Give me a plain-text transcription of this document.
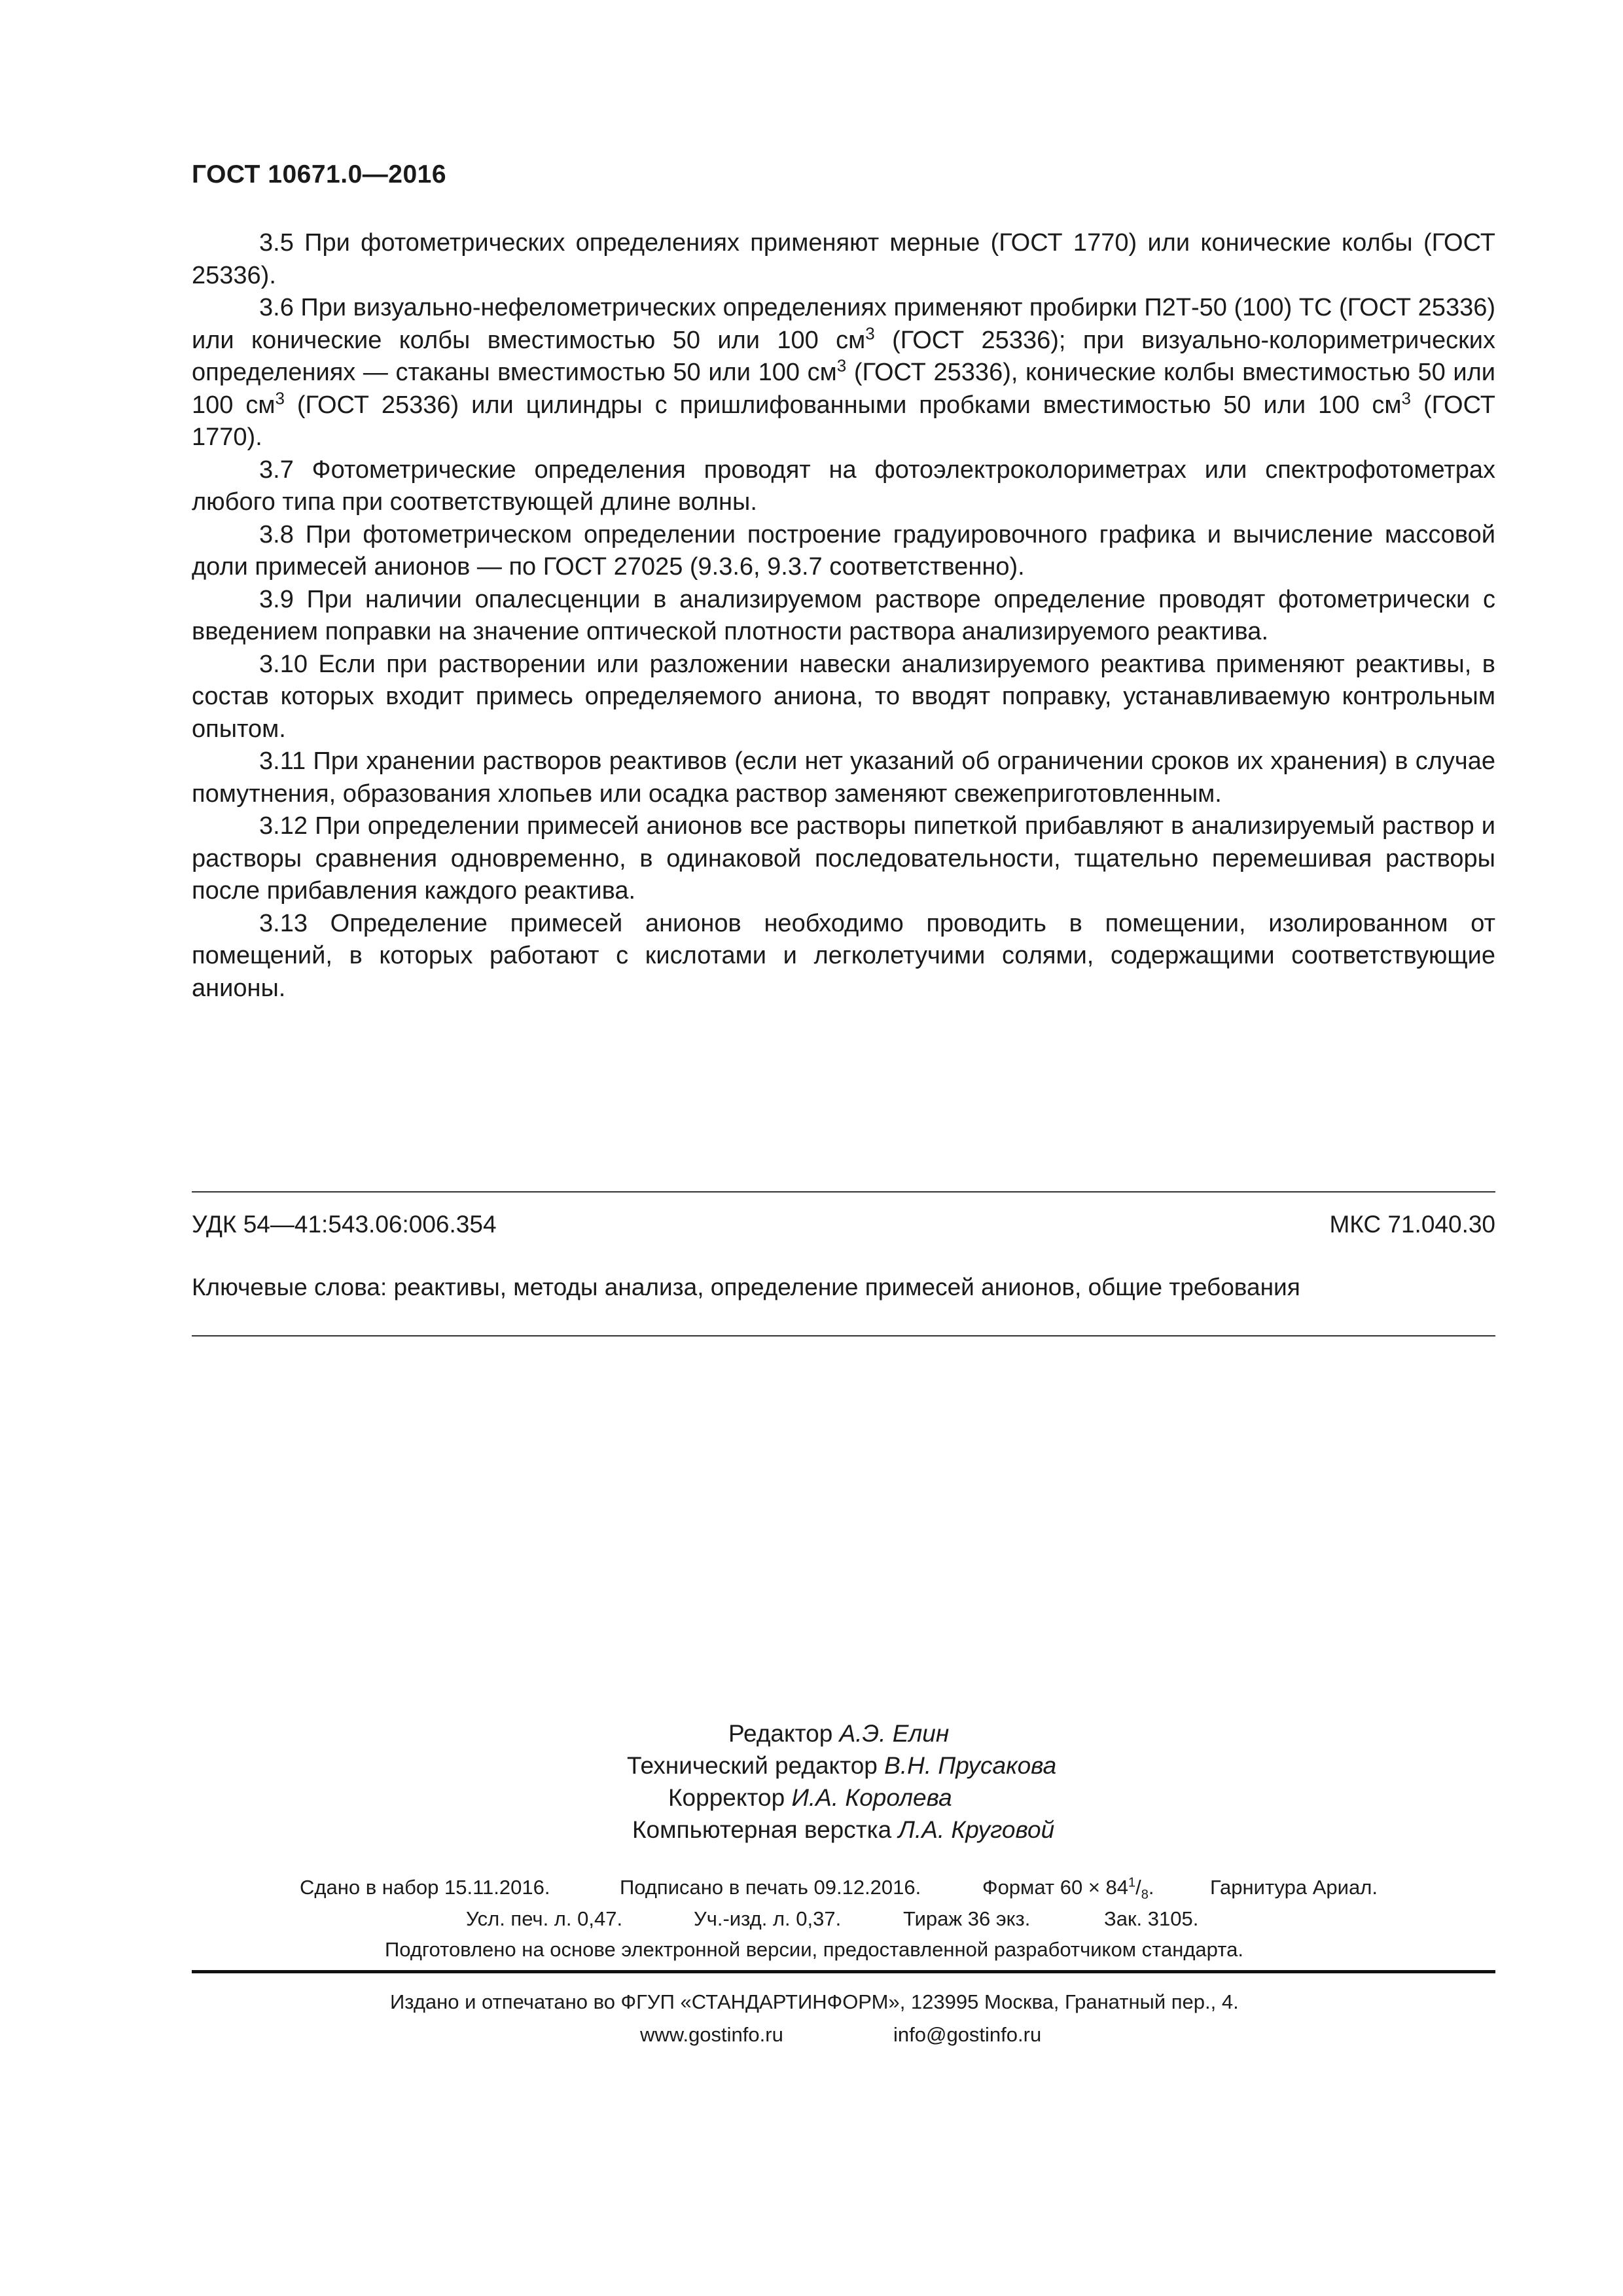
ГОСТ 10671.0—2016

3.5 При фотометрических определениях применяют мерные (ГОСТ 1770) или конические колбы (ГОСТ 25336).

3.6 При визуально-нефелометрических определениях применяют пробирки П2Т-50 (100) ТС (ГОСТ 25336) или конические колбы вместимостью 50 или 100 $см^3$ (ГОСТ 25336); при визуально-колориметрических определениях — стаканы вместимостью 50 или 100 $см^3$ (ГОСТ 25336), конические колбы вместимостью 50 или 100 $см^3$ (ГОСТ 25336) или цилиндры с пришлифованными пробками вместимостью 50 или 100 $см^3$ (ГОСТ 1770).

3.7 Фотометрические определения проводят на фотоэлектроколориметрах или спектрофотометрах любого типа при соответствующей длине волны.

3.8 При фотометрическом определении построение градуировочного графика и вычисление массовой доли примесей анионов — по ГОСТ 27025 (9.3.6, 9.3.7 соответственно).

3.9 При наличии опалесценции в анализируемом растворе определение проводят фотометрически с введением поправки на значение оптической плотности раствора анализируемого реактива.

3.10 Если при растворении или разложении навески анализируемого реактива применяют реактивы, в состав которых входит примесь определяемого аниона, то вводят поправку, устанавливаемую контрольным опытом.

3.11 При хранении растворов реактивов (если нет указаний об ограничении сроков их хранения) в случае помутнения, образования хлопьев или осадка раствор заменяют свежеприготовленным.

3.12 При определении примесей анионов все растворы пипеткой прибавляют в анализируемый раствор и растворы сравнения одновременно, в одинаковой последовательности, тщательно перемешивая растворы после прибавления каждого реактива.

3.13 Определение примесей анионов необходимо проводить в помещении, изолированном от помещений, в которых работают с кислотами и легколетучими солями, содержащими соответствующие анионы.

УДК 54—41:543.06:006.354	МКС 71.040.30
Ключевые слова: реактивы, методы анализа, определение примесей анионов, общие требования
Редактор А.Э. Елин
Технический редактор В.Н. Прусакова
Корректор И.А. Королева
Компьютерная верстка Л.А. Круговой
Сдано в набор 15.11.2016.	Подписано в печать 09.12.2016.	Формат $60 \times 84^1/_8$.	Гарнитура Ариал.
Усл. печ. л. 0,47.	Уч.-изд. л. 0,37.	Тираж 36 экз.	Зак. 3105.
Подготовлено на основе электронной версии, предоставленной разработчиком стандарта.
Издано и отпечатано во ФГУП «СТАНДАРТИНФОРМ», 123995 Москва, Гранатный пер., 4.
www.gostinfo.ru	info@gostinfo.ru
